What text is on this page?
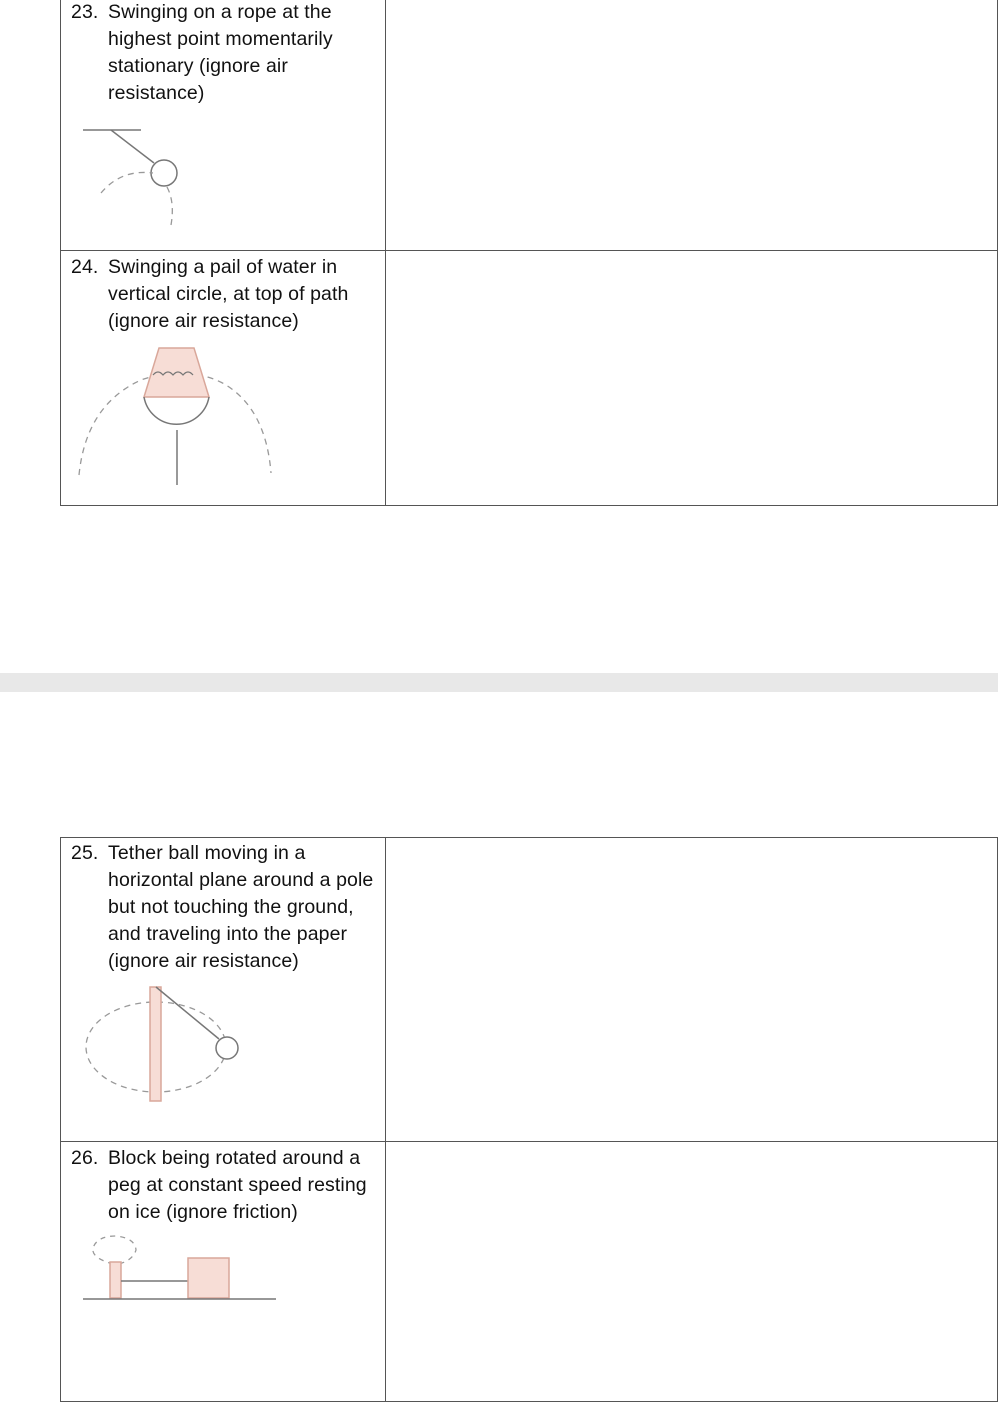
23. Swinging on a rope at the highest point momentarily stationary (ignore air resistance)	

24. Swinging a pail of water in vertical circle, at top of path (ignore air resistance)	

25. Tether ball moving in a horizontal plane around a pole but not touching the ground, and traveling into the paper (ignore air resistance)	

26. Block being rotated around a peg at constant speed resting on ice (ignore friction)	
